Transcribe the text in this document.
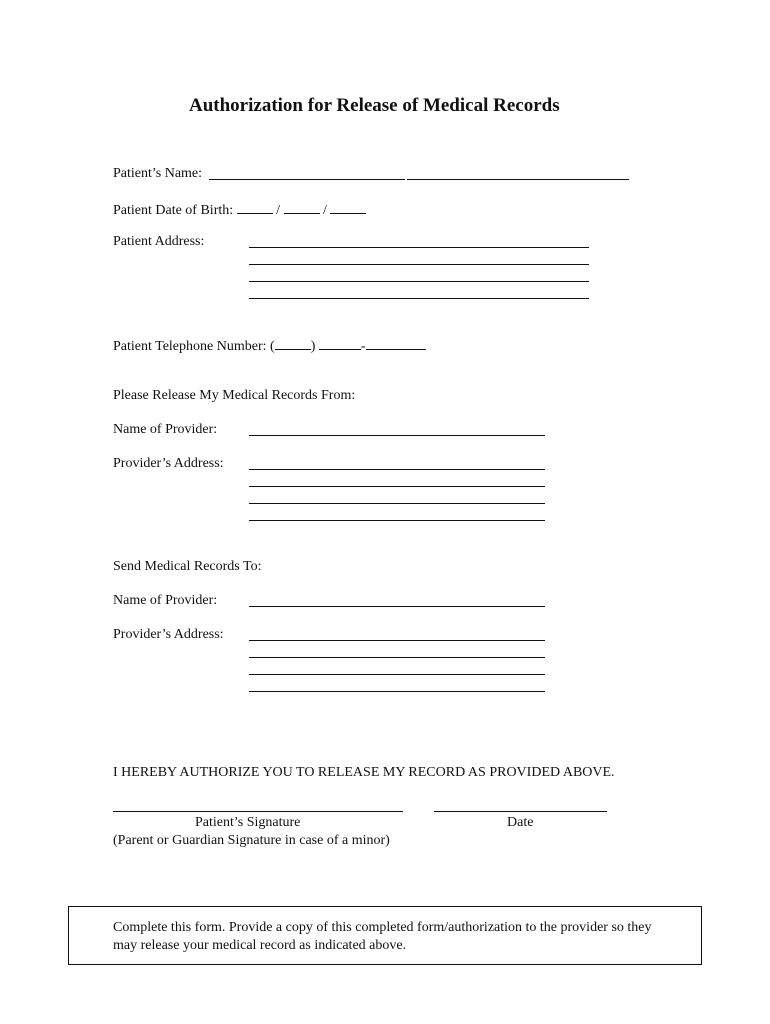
Authorization for Release of Medical Records
Patient’s Name:
Patient Date of Birth:	/	/
Patient Address:
Patient Telephone Number: (	)	-
Please Release My Medical Records From:
Name of Provider:
Provider’s Address:
Send Medical Records To:
Name of Provider:
Provider’s Address:
I HEREBY AUTHORIZE YOU TO RELEASE MY RECORD AS PROVIDED ABOVE.
Patient’s Signature	Date
(Parent or Guardian Signature in case of a minor)
Complete this form. Provide a copy of this completed form/authorization to the provider so they may release your medical record as indicated above.
